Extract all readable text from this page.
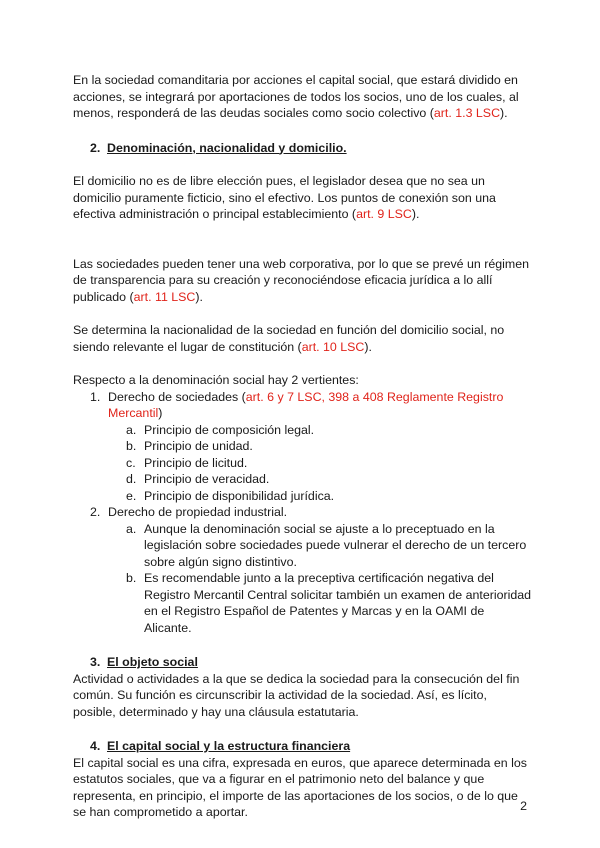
En la sociedad comanditaria por acciones el capital social, que estará dividido en acciones, se integrará por aportaciones de todos los socios, uno de los cuales, al menos, responderá de las deudas sociales como socio colectivo (art. 1.3 LSC).

2. Denominación, nacionalidad y domicilio.

El domicilio no es de libre elección pues, el legislador desea que no sea un domicilio puramente ficticio, sino el efectivo. Los puntos de conexión son una efectiva administración o principal establecimiento (art. 9 LSC).

Las sociedades pueden tener una web corporativa, por lo que se prevé un régimen de transparencia para su creación y reconociéndose eficacia jurídica a lo allí publicado (art. 11 LSC).

Se determina la nacionalidad de la sociedad en función del domicilio social, no siendo relevante el lugar de constitución (art. 10 LSC).

Respecto a la denominación social hay 2 vertientes:

1. Derecho de sociedades (art. 6 y 7 LSC, 398 a 408 Reglamente Registro Mercantil)
a. Principio de composición legal.
b. Principio de unidad.
c. Principio de licitud.
d. Principio de veracidad.
e. Principio de disponibilidad jurídica.
2. Derecho de propiedad industrial.
a. Aunque la denominación social se ajuste a lo preceptuado en la legislación sobre sociedades puede vulnerar el derecho de un tercero sobre algún signo distintivo.
b. Es recomendable junto a la preceptiva certificación negativa del Registro Mercantil Central solicitar también un examen de anterioridad en el Registro Español de Patentes y Marcas y en la OAMI de Alicante.

3. El objeto social

Actividad o actividades a la que se dedica la sociedad para la consecución del fin común. Su función es circunscribir la actividad de la sociedad. Así, es lícito, posible, determinado y hay una cláusula estatutaria.

4. El capital social y la estructura financiera

El capital social es una cifra, expresada en euros, que aparece determinada en los estatutos sociales, que va a figurar en el patrimonio neto del balance y que representa, en principio, el importe de las aportaciones de los socios, o de lo que se han comprometido a aportar.	2
